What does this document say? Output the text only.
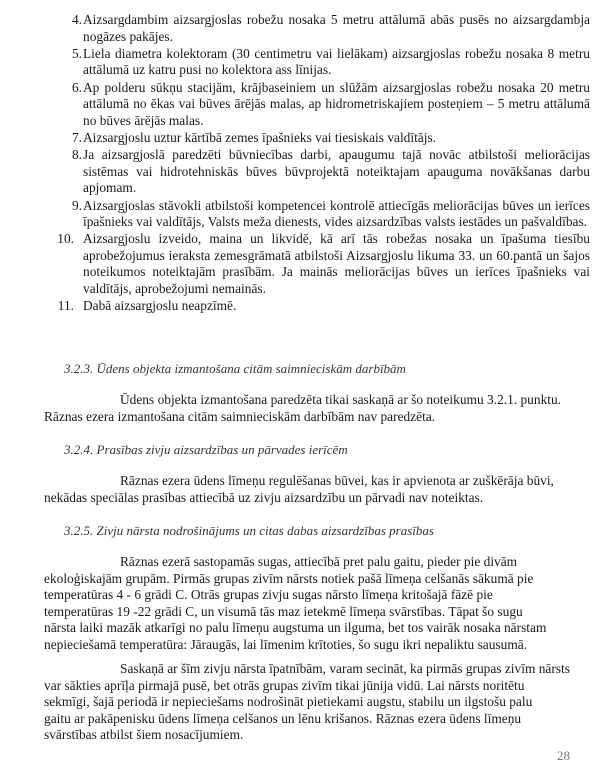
4. Aizsargdambim aizsargjoslas robežu nosaka 5 metru attālumā abās pusēs no aizsargdambja nogāzes pakājes.
5. Liela diametra kolektoram (30 centimetru vai lielākam) aizsargjoslas robežu nosaka 8 metru attālumā uz katru pusi no kolektora ass līnijas.
6. Ap polderu sūkņu stacijām, krājbaseiniem un slūžām aizsargjoslas robežu nosaka 20 metru attālumā no ēkas vai būves ārējās malas, ap hidrometriskajiem posteņiem – 5 metru attālumā no būves ārējās malas.
7. Aizsargjoslu uztur kārtībā zemes īpašnieks vai tiesiskais valdītājs.
8. Ja aizsargjoslā paredzēti būvniecības darbi, apaugumu tajā novāc atbilstoši meliorācijas sistēmas vai hidrotehniskās būves būvprojektā noteiktajam apauguma novākšanas darbu apjomam.
9. Aizsargjoslas stāvokli atbilstoši kompetencei kontrolē attiecīgās meliorācijas būves un ierīces īpašnieks vai valdītājs, Valsts meža dienests, vides aizsardzības valsts iestādes un pašvaldības.
10. Aizsargjoslu izveido, maina un likvidē, kā arī tās robežas nosaka un īpašuma tiesību aprobežojumus ieraksta zemesgrāmatā atbilstoši Aizsargjoslu likuma 33. un 60.pantā un šajos noteikumos noteiktajām prasībām. Ja mainās meliorācijas būves un ierīces īpašnieks vai valdītājs, aprobežojumi nemainās.
11. Dabā aizsargjoslu neapzīmē.
3.2.3. Ūdens objekta izmantošana citām saimnieciskām darbībām
Ūdens objekta izmantošana paredzēta tikai saskaņā ar šo noteikumu 3.2.1. punktu.
Rāznas ezera izmantošana citām saimnieciskām darbībām nav paredzēta.
3.2.4. Prasības zivju aizsardzības un pārvades ierīcēm
Rāznas ezera ūdens līmeņu regulēšanas būvei, kas ir apvienota ar zuškērāja būvi,
nekādas speciālas prasības attiecībā uz zivju aizsardzību un pārvadi nav noteiktas.
3.2.5. Zivju nārsta nodrošinājums un citas dabas aizsardzības prasības
Rāznas ezerā sastopamās sugas, attiecībā pret palu gaitu, pieder pie divām
ekoloģiskajām grupām. Pirmās grupas zivīm nārsts notiek pašā līmeņa celšanās sākumā pie
temperatūras 4 - 6 grādi C. Otrās grupas zivju sugas nārsto līmeņa kritošajā fāzē pie
temperatūras 19 -22 grādi C, un visumā tās maz ietekmē līmeņa svārstības. Tāpat šo sugu
nārsta laiki mazāk atkarīgi no palu līmeņu augstuma un ilguma, bet tos vairāk nosaka nārstam
nepieciešamā temperatūra: Jāraugās, lai līmenim krītoties, šo sugu ikri nepaliktu sausumā.
Saskaņā ar šīm zivju nārsta īpatnībām, varam secināt, ka pirmās grupas zivīm nārsts
var sākties aprīļa pirmajā pusē, bet otrās grupas zivīm tikai jūnija vidū. Lai nārsts noritētu
sekmīgi, šajā periodā ir nepieciešams nodrošināt pietiekami augstu, stabilu un ilgstošu palu
gaitu ar pakāpenisku ūdens līmeņa celšanos un lēnu krišanos. Rāznas ezera ūdens līmeņu
svārstības atbilst šiem nosacījumiem.
28
